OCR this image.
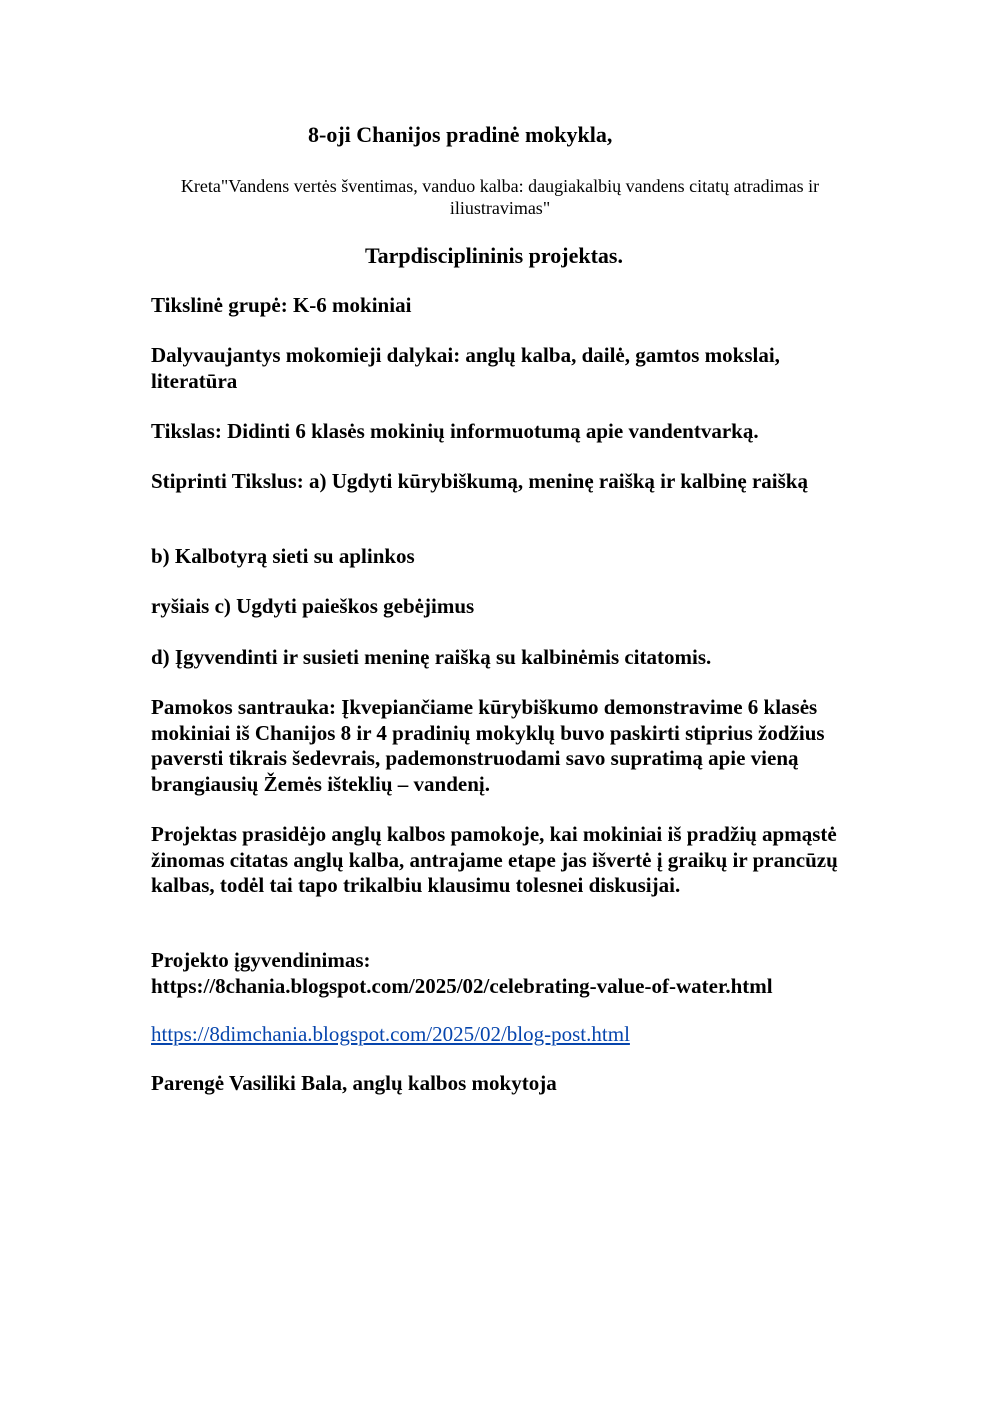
8-oji Chanijos pradinė mokykla,
Kreta"Vandens vertės šventimas, vanduo kalba: daugiakalbių vandens citatų atradimas ir iliustravimas"
Tarpdisciplininis projektas.
Tikslinė grupė: K-6 mokiniai
Dalyvaujantys mokomieji dalykai: anglų kalba, dailė, gamtos mokslai, literatūra
Tikslas: Didinti 6 klasės mokinių informuotumą apie vandentvarką.
Stiprinti Tikslus: a) Ugdyti kūrybiškumą, meninę raišką ir kalbinę raišką
b) Kalbotyrą sieti su aplinkos
ryšiais c) Ugdyti paieškos gebėjimus
d) Įgyvendinti ir susieti meninę raišką su kalbinėmis citatomis.
Pamokos santrauka: Įkvepiančiame kūrybiškumo demonstravime 6 klasės mokiniai iš Chanijos 8 ir 4 pradinių mokyklų buvo paskirti stiprius žodžius paversti tikrais šedevrais, pademonstruodami savo supratimą apie vieną brangiausių Žemės išteklių – vandenį.
Projektas prasidėjo anglų kalbos pamokoje, kai mokiniai iš pradžių apmąstė žinomas citatas anglų kalba, antrajame etape jas išvertė į graikų ir prancūzų kalbas, todėl tai tapo trikalbiu klausimu tolesnei diskusijai.
Projekto įgyvendinimas:
https://8chania.blogspot.com/2025/02/celebrating-value-of-water.html
https://8dimchania.blogspot.com/2025/02/blog-post.html
Parengė Vasiliki Bala, anglų kalbos mokytoja
